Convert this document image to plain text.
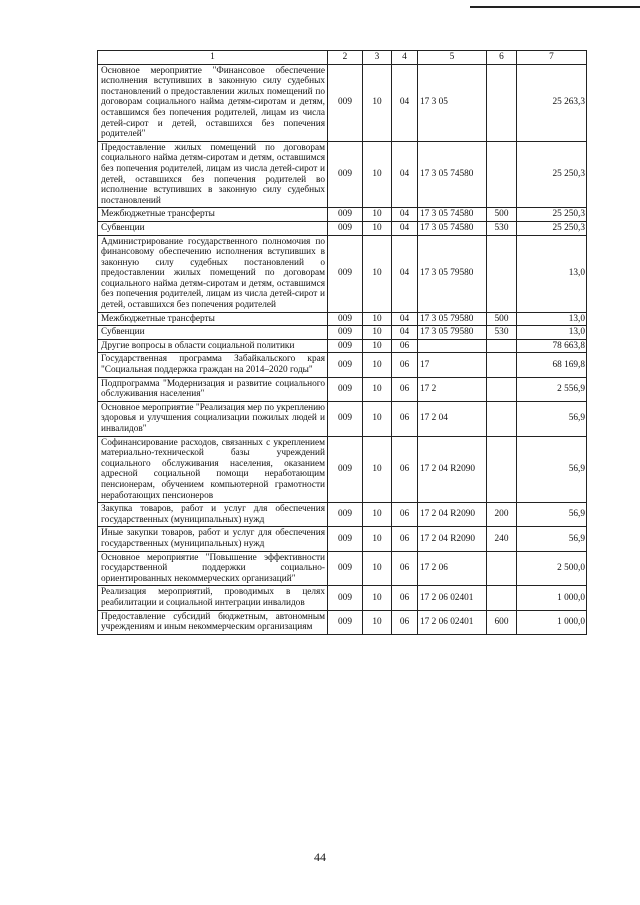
1	2	3	4	5	6	7
Основное мероприятие "Финансовое обеспечение исполнения вступивших в законную силу судебных постановлений о предоставлении жилых помещений по договорам социального найма детям-сиротам и детям, оставшимся без попечения родителей, лицам из числа детей-сирот и детей, оставшихся без попечения родителей"	009	10	04	17 3 05		25 263,3
Предоставление жилых помещений по договорам социального найма детям-сиротам и детям, оставшимся без попечения родителей, лицам из числа детей-сирот и детей, оставшихся без попечения родителей во исполнение вступивших в законную силу судебных постановлений	009	10	04	17 3 05 74580		25 250,3
Межбюджетные трансферты	009	10	04	17 3 05 74580	500	25 250,3
Субвенции	009	10	04	17 3 05 74580	530	25 250,3
Администрирование государственного полномочия по финансовому обеспечению исполнения вступивших в законную силу судебных постановлений о предоставлении жилых помещений по договорам социального найма детям-сиротам и детям, оставшимся без попечения родителей, лицам из числа детей-сирот и детей, оставшихся без попечения родителей	009	10	04	17 3 05 79580		13,0
Межбюджетные трансферты	009	10	04	17 3 05 79580	500	13,0
Субвенции	009	10	04	17 3 05 79580	530	13,0
Другие вопросы в области социальной политики	009	10	06			78 663,8
Государственная программа Забайкальского края "Социальная поддержка граждан на 2014–2020 годы"	009	10	06	17		68 169,8
Подпрограмма "Модернизация и развитие социального обслуживания населения"	009	10	06	17 2		2 556,9
Основное мероприятие "Реализация мер по укреплению здоровья и улучшения социализации пожилых людей и инвалидов"	009	10	06	17 2 04		56,9
Софинансирование расходов, связанных с укреплением материально-технической базы учреждений социального обслуживания населения, оказанием адресной социальной помощи неработающим пенсионерам, обучением компьютерной грамотности неработающих пенсионеров	009	10	06	17 2 04 R2090		56,9
Закупка товаров, работ и услуг для обеспечения государственных (муниципальных) нужд	009	10	06	17 2 04 R2090	200	56,9
Иные закупки товаров, работ и услуг для обеспечения государственных (муниципальных) нужд	009	10	06	17 2 04 R2090	240	56,9
Основное мероприятие "Повышение эффективности государственной поддержки социально-ориентированных некоммерческих организаций"	009	10	06	17 2 06		2 500,0
Реализация мероприятий, проводимых в целях реабилитации и социальной интеграции инвалидов	009	10	06	17 2 06 02401		1 000,0
Предоставление субсидий бюджетным, автономным учреждениям и иным некоммерческим организациям	009	10	06	17 2 06 02401	600	1 000,0
44
